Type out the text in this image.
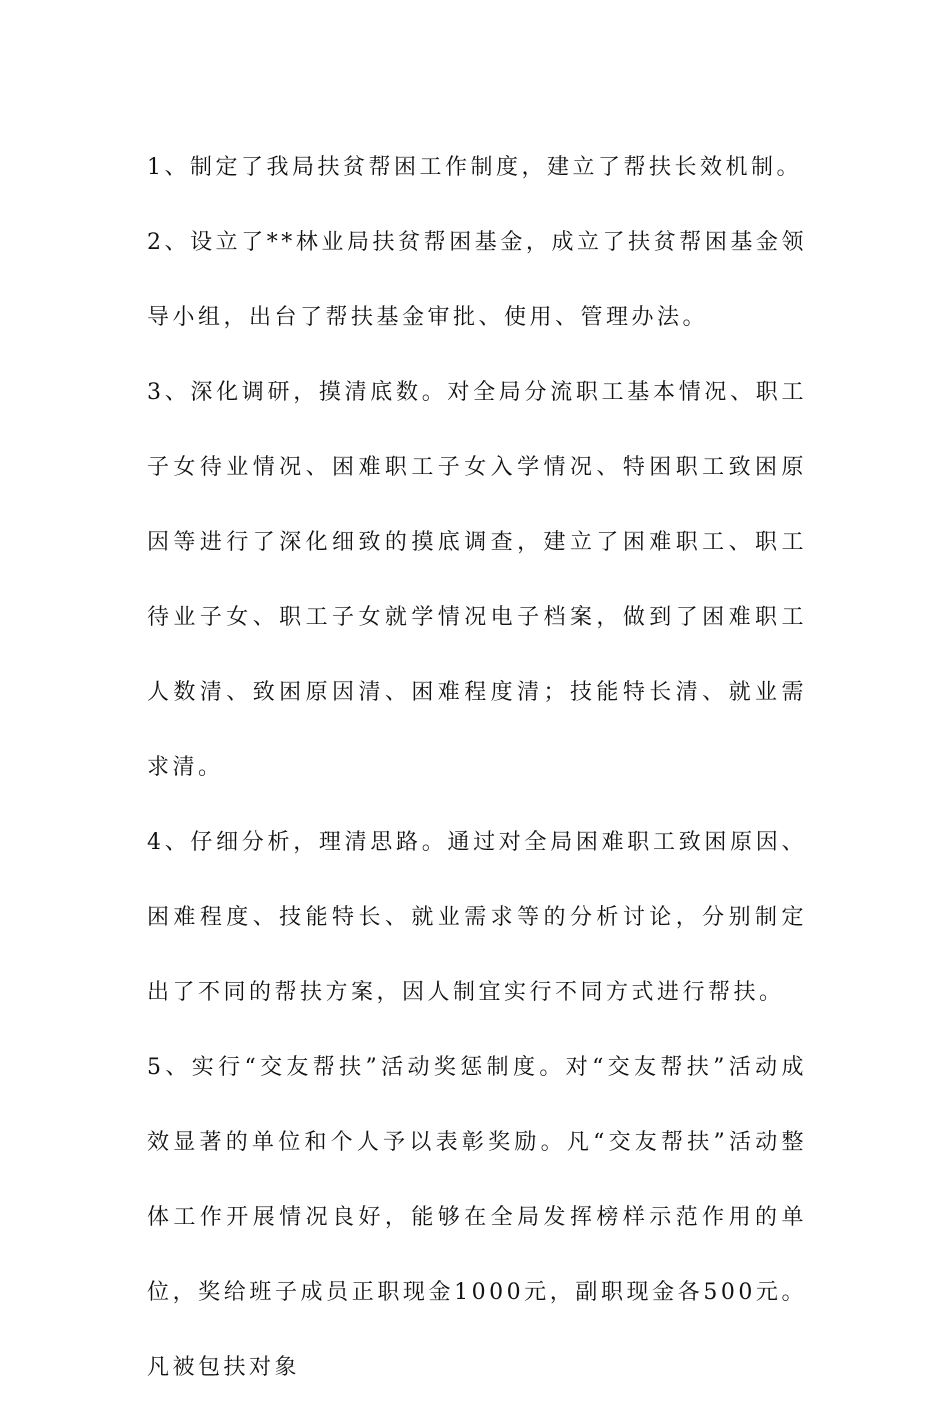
1、制定了我局扶贫帮困工作制度，建立了帮扶长效机制。

2、设立了**林业局扶贫帮困基金，成立了扶贫帮困基金领导小组，出台了帮扶基金审批、使用、管理办法。

3、深化调研，摸清底数。对全局分流职工基本情况、职工子女待业情况、困难职工子女入学情况、特困职工致困原因等进行了深化细致的摸底调查，建立了困难职工、职工待业子女、职工子女就学情况电子档案，做到了困难职工人数清、致困原因清、困难程度清；技能特长清、就业需求清。

4、仔细分析，理清思路。通过对全局困难职工致困原因、困难程度、技能特长、就业需求等的分析讨论，分别制定出了不同的帮扶方案，因人制宜实行不同方式进行帮扶。

5、实行“交友帮扶”活动奖惩制度。对“交友帮扶”活动成效显著的单位和个人予以表彰奖励。凡“交友帮扶”活动整体工作开展情况良好，能够在全局发挥榜样示范作用的单位，奖给班子成员正职现金1000元，副职现金各500元。凡被包扶对象
